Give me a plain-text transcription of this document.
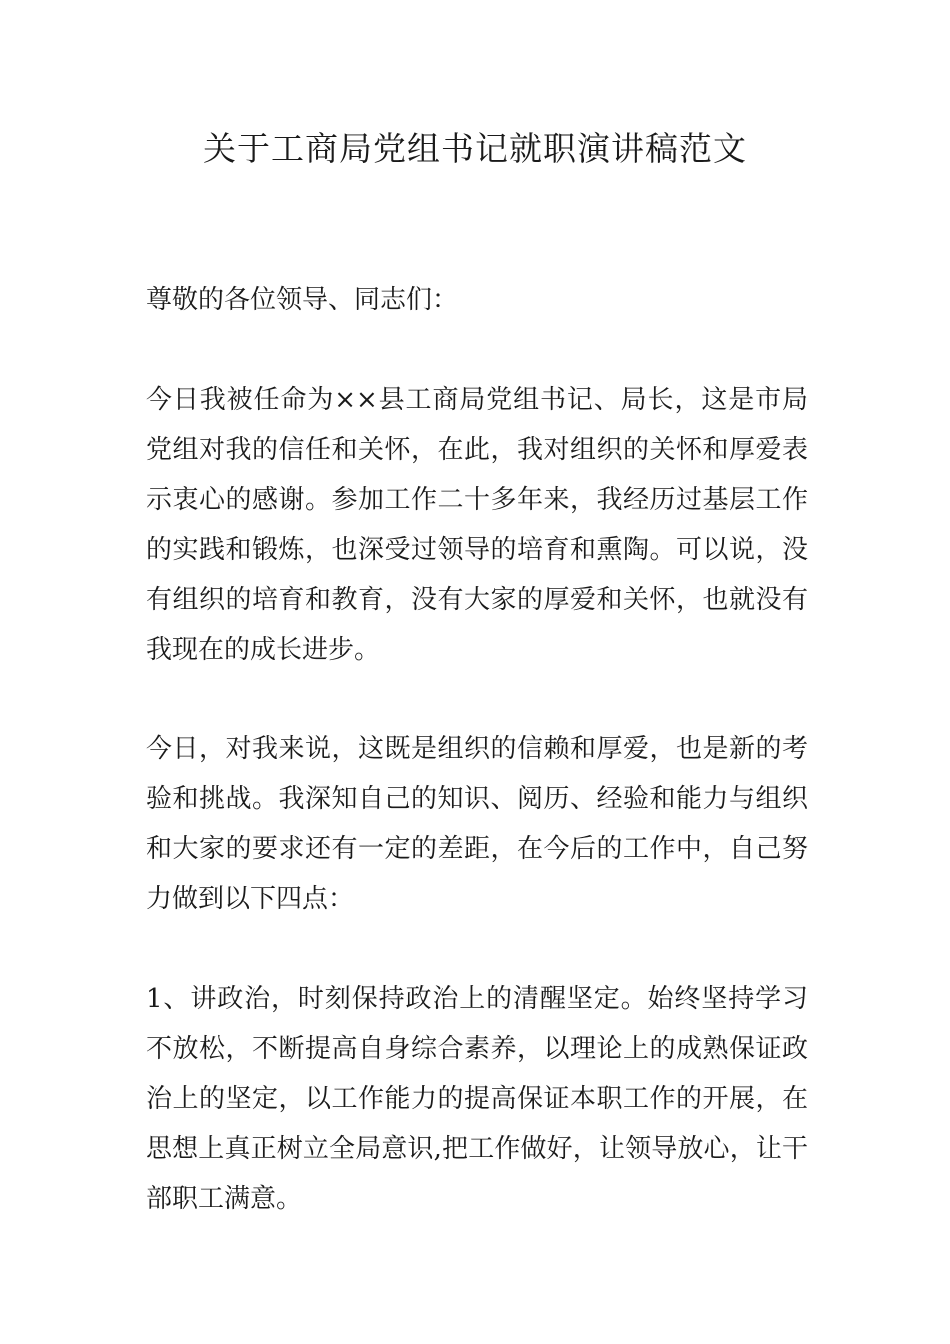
关于工商局党组书记就职演讲稿范文

尊敬的各位领导、同志们：

今日我被任命为××县工商局党组书记、局长，这是市局党组对我的信任和关怀，在此，我对组织的关怀和厚爱表示衷心的感谢。参加工作二十多年来，我经历过基层工作的实践和锻炼，也深受过领导的培育和熏陶。可以说，没有组织的培育和教育，没有大家的厚爱和关怀，也就没有我现在的成长进步。

今日，对我来说，这既是组织的信赖和厚爱，也是新的考验和挑战。我深知自己的知识、阅历、经验和能力与组织和大家的要求还有一定的差距，在今后的工作中，自己努力做到以下四点：

1、讲政治，时刻保持政治上的清醒坚定。始终坚持学习不放松，不断提高自身综合素养，以理论上的成熟保证政治上的坚定，以工作能力的提高保证本职工作的开展，在思想上真正树立全局意识,把工作做好，让领导放心，让干部职工满意。
